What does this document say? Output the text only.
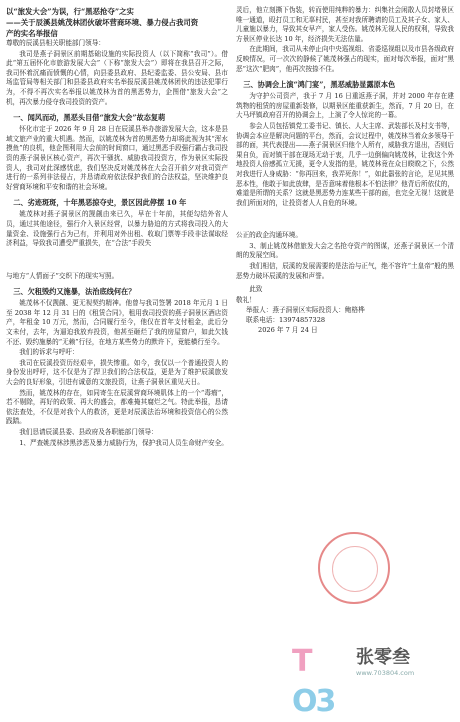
以“旅发大会”为误，行“黑恶抢夺”之实
——关于辰溪县姚茂林团伙破坏营商环境、暴力侵占我司资
产的实名举报信

尊敬的辰溪县相关职能部门领导：

我司是燕子洞景区前期基础设施的实际投资人（以下简称“我司”）。借此“第五届怀化市旅游发展大会”（下称“旅发大会”）即将在我县召开之际，我司怀着沉痛而愤慨的心情，向县委县政府、县纪委监委、县公安局、县市场监管局等相关部门和县委县政府实名举报辰溪县姚茂林团伙的违法犯罪行为，不得不再次实名举报以姚茂林为首的黑恶势力，企图借“旅发大会”之机，再次暴力侵夺我司投资的资产。

一、闻风而动，黑恶头目借“旅发大会”故态复萌

怀化市定于 2026 年 9 月 28 日在辰溪县举办旅游发展大会，这本是县域文旅产业的重大机遇。然而，以姚茂林为首的黑恶势力却将此视为其“浑水摸鱼”的良机，他企图利用大会前的时间窗口，通过黑恶手段强行霸占我司投资的燕子洞景区核心资产，再次干骚扰、威胁我司投资方，作为景区实际投资人，我司对此深感忧虑，我们坚决反对姚茂林在大会召开前夕对我司资产进行的一系列非法侵占，并恳请政府依法保护我们的合法权益，坚决维护良好营商环境和平安和谐的社会环境。

二、劣迹斑斑，十年黑恶掠夺史，景区因此停摆 10 年

姚茂林对燕子洞景区的觊觎由来已久，早在十年前，其便勾结外省人员，通过其他途径，强行介入景区经营，以暴力胁迫的方式将我司投入的大量资金、设施强行占为己有，并利用对外出租、收取门票等手段非法谋取经济利益，导致我司遭受严重损失，在“合法”手段失

与地方“人情面子”交织下的现实写照。

三、欠租毁约又施暴，法治底线何在？

姚茂林不仅觊觎、更无视契约精神。他曾与我司签署 2018 年元月 1 日至 2038 年 12 月 31 日的《租赁合同》，租用我司投资的燕子洞景区酒店资产，年租金 10 万元，然而，合同履行至今，他仅在首年支付租金，此后分文未付，去年，为逼迫我放弃投资，他甚至砸烂了我的房屋窗户，如此欠钱不还、毁约施暴的“无赖”行径，在地方某些势力的默许下，竟能横行至今。

我们的诉求与呼吁：

我司在辰溪投资历经艰辛，损失惨重。如今，我仅以一个普通投资人的身份发出呼吁，这不仅是为了捍卫我们的合法权益，更是为了维护辰溪旅发大会的良好形象，引进有诚意的文旅投资，让燕子洞景区重见天日。

然而，姚茂林的存在，如同寄生在辰溪营商环境肌体上的一个“毒瘤”，若不剔除，再好的政策、再大的盛会，都难掩其腐烂之气。特此举报，恳请依法查处，不仅是对我个人的救济，更是对辰溪法治环境和投资信心的公然践踏。

我们恳请辰溪县委、县政府及各职能部门领导：

1、严查姚茂林涉黑涉恶及暴力威胁行为，保护我司人员生命财产安全。

灵后，他立刻撕下伪装，转而使用纯粹的暴力：纠集社会闲散人员封堵景区唯一通道，殴打员工和无辜村民，甚至对我所聘请的员工及其子女、家人、儿童施以暴力，导致其女早产，家人受伤。姚茂林无视人民的权利，导致我方景区停业长达 10 年，经济损失无法估量。

在此期间，我司从未停止向中央巡视组、省委巡视组以及市县各级政府反映情况，可一次次的静候了姚茂林强占的现实，面对每次举报，面对“黑恶”这次“肥肉”，他再次按捺不住。

三、协调会上演“鸿门宴”，黑恶威胁显露原本色

为守护公司资产，我于 7 月 16 日重返燕子洞，并对 2000 年存在建筑物的租赁的房屋重新装修，以期景区能重获新生，然而，7 月 20 日，在大马坪镇政府召开的协调会上，上演了令人惊诧的一幕。

参会人员包括镇党工委书记、镇长、人大主席、武装部长及村支书等，协调会本应是解决问题的平台，然而，会议过程中，姚茂林当着众多领导干部的面，其代表提出——燕子洞景区归他个人所有，威胁我方退出，否则后果自负，而对镇干部在现场无动于衷，几乎一边倒偏向姚茂林，让我这个外地投资人倍感孤立无援，更令人发指的是，姚茂林竟在众目睽睽之下，公然对我进行人身威胁：“你再回来，我弄死你！”，如此嚣张的言论，足见其黑恶本性，他敢于如此放肆，是否意味着他根本不怕法律？他背后所依仗的，难道是所谓的关系？这就是黑恶势力连某些干部的面，也完全无视！这就是我们所面对的，让投资者人人自危的环境。

公正的政企沟通环境。

3、制止姚茂林借旅发大会之名抢夺资产的图谋，还燕子洞景区一个清朗的发展空间。

我们相信，辰溪的发展需要的是法治与正气，绝不容许“土皇帝”般的黑恶势力破坏辰溪的发展和声誉。

此致

敬礼！

举报人：燕子洞景区实际投资人：鲍格桦
联系电话：13974857328
2026 年 7 月 24 日
TO3
张零叁
www.703804.com
